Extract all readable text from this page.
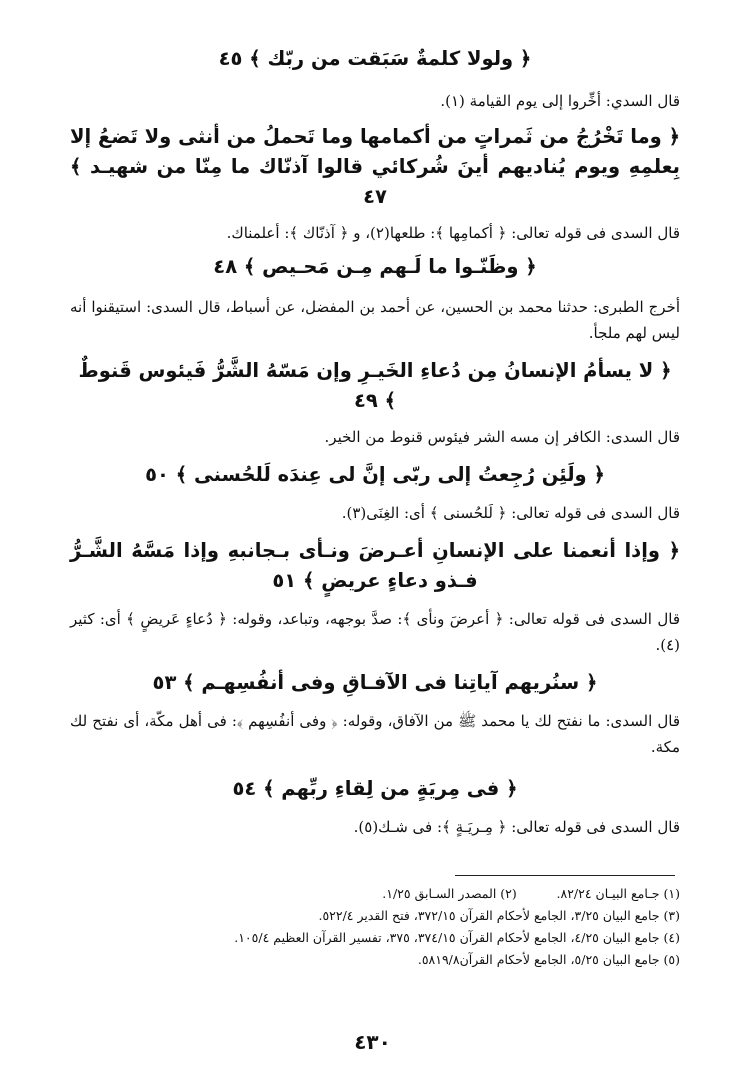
﴿ ولولا كلمةٌ سَبَقت من ربّك ﴾ ٤٥

قال السدي: أخِّروا إلى يوم القيامة (١).

﴿ وما تَخْرُجُ من ثَمراتٍ من أكمامها وما تَحملُ من أنثى ولا تَضعُ إلا بِعلمِهِ ويوم يُناديهم أينَ شُركائي قالوا آذنّاك ما مِنّا من شهيـد ﴾ ٤٧

قال السدى فى قوله تعالى: ﴿ أكمامِها ﴾: طلعها(٢)، و ﴿ آذنّاك ﴾: أعلمناك.

﴿ وظَنّـوا ما لَـهم مِـن مَحـيص ﴾ ٤٨

أخرج الطبرى: حدثنا محمد بن الحسين، عن أحمد بن المفضل، عن أسباط، قال السدى: استيقنوا أنه ليس لهم ملجأ.

﴿ لا يسأمُ الإنسانُ مِن دُعاءِ الخَيـرِ وإن مَسّهُ الشَّرُّ فَيئوس قَنوطٌ ﴾ ٤٩

قال السدى: الكافر إن مسه الشر فيئوس قنوط من الخير.

﴿ ولَئِن رُجِعتُ إلى ربّى إنَّ لى عِندَه لَلحُسنى ﴾ ٥٠

قال السدى فى قوله تعالى: ﴿ لَلحُسنى ﴾ أى: الغِنَى(٣).

﴿ وإذا أنعمنا على الإنسانِ أعـرضَ ونـأى بـجانبهِ وإذا مَسَّهُ الشَّـرُّ فـذو دعاءٍ عريضٍ ﴾ ٥١

قال السدى فى قوله تعالى: ﴿ أعرضَ ونأى ﴾: صدَّ بوجهه، وتباعد، وقوله: ﴿ دُعاءٍ عَريضٍ ﴾ أى: كثير (٤).

﴿ سنُريهم آياتِنا فى الآفـاقِ وفى أنفُسِهـم ﴾ ٥٣

قال السدى: ما نفتح لك يا محمد ﷺ من الآفاق، وقوله: ﴿ وفى أنفُسِهم ﴾: فى أهل مكّة، أى نفتح لك مكة.

﴿ فى مِريَةٍ من لِقاءِ ربِّهم ﴾ ٥٤

قال السدى فى قوله تعالى: ﴿ مِـريَـةٍ ﴾: فى شـك(٥).

(١) جـامع البيـان ٨٢/٢٤.          (٢) المصدر السـابق ١/٢٥.

(٣) جامع البيان ٣/٢٥، الجامع لأحكام القرآن ٣٧٢/١٥، فتح القدير ٥٢٢/٤.

(٤) جامع البيان ٤/٢٥، الجامع لأحكام القرآن ٣٧٤/١٥، ٣٧٥، تفسير القرآن العظيم ١٠٥/٤.

(٥) جامع البيان ٥/٢٥، الجامع لأحكام القرآن٥٨١٩/٨.

٤٣٠
